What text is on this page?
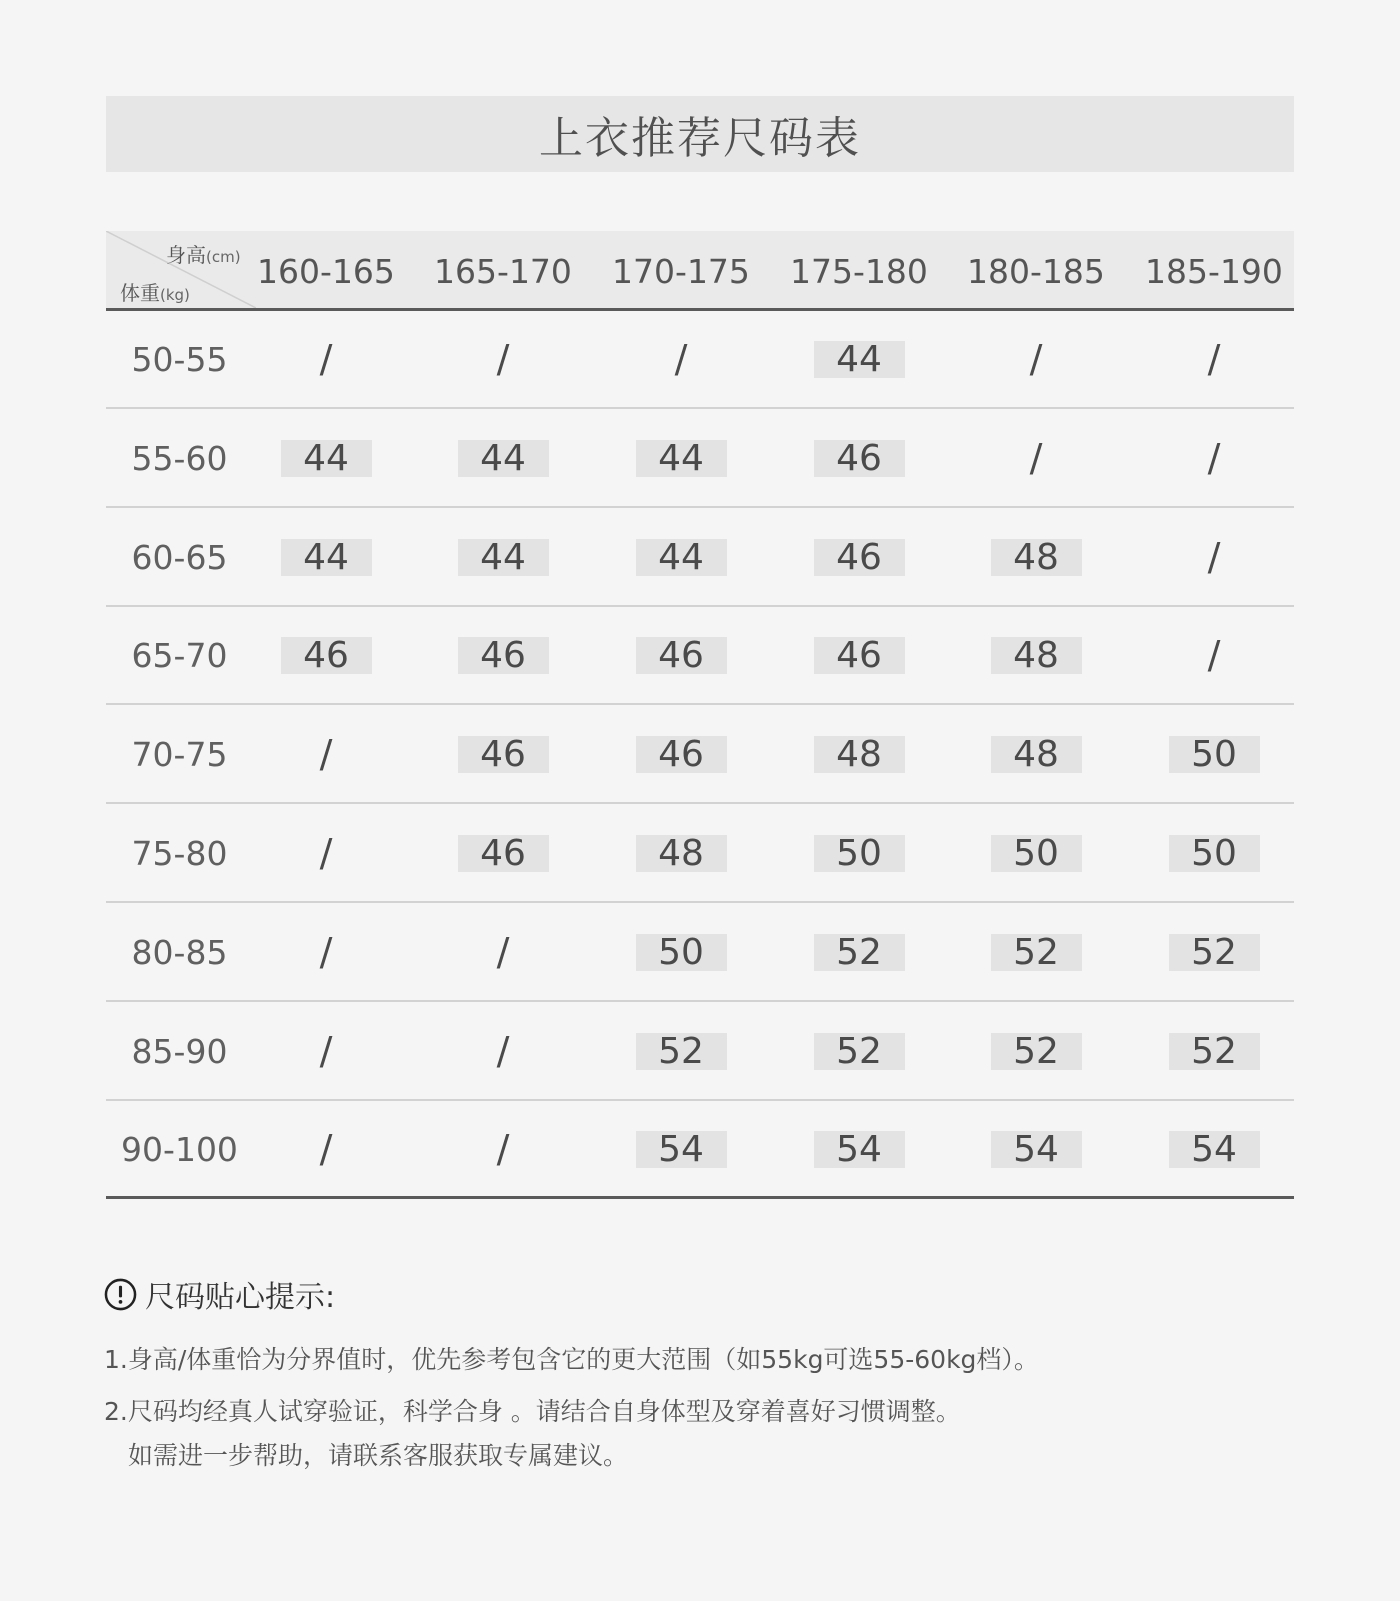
上衣推荐尺码表
身高(cm)
体重(kg)
160-165	165-170	170-175	175-180	180-185	185-190
50-55	/	/	/	44	/	/
55-60	44	44	44	46	/	/
60-65	44	44	44	46	48	/
65-70	46	46	46	46	48	/
70-75	/	46	46	48	48	50
75-80	/	46	48	50	50	50
80-85	/	/	50	52	52	52
85-90	/	/	52	52	52	52
90-100	/	/	54	54	54	54
尺码贴心提示:
1.身高/体重恰为分界值时，优先参考包含它的更大范围（如55kg可选55-60kg档）。
2.尺码均经真人试穿验证，科学合身 。请结合自身体型及穿着喜好习惯调整。
如需进一步帮助，请联系客服获取专属建议。
